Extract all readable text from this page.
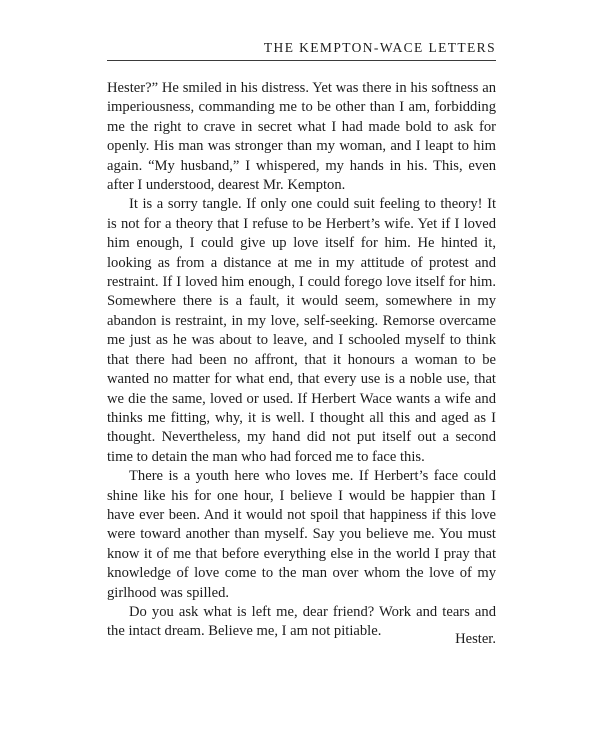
THE KEMPTON-WACE LETTERS

Hester?” He smiled in his distress. Yet was there in his softness an imperiousness, commanding me to be other than I am, forbidding me the right to crave in secret what I had made bold to ask for openly. His man was stronger than my woman, and I leapt to him again. “My husband,” I whispered, my hands in his. This, even after I understood, dearest Mr. Kempton.

It is a sorry tangle. If only one could suit feeling to theory! It is not for a theory that I refuse to be Herbert’s wife. Yet if I loved him enough, I could give up love itself for him. He hinted it, looking as from a distance at me in my attitude of protest and restraint. If I loved him enough, I could forego love itself for him. Somewhere there is a fault, it would seem, somewhere in my abandon is restraint, in my love, self-seeking. Remorse overcame me just as he was about to leave, and I schooled myself to think that there had been no affront, that it honours a woman to be wanted no matter for what end, that every use is a noble use, that we die the same, loved or used. If Herbert Wace wants a wife and thinks me fitting, why, it is well. I thought all this and aged as I thought. Nevertheless, my hand did not put itself out a second time to detain the man who had forced me to face this.

There is a youth here who loves me. If Herbert’s face could shine like his for one hour, I believe I would be happier than I have ever been. And it would not spoil that happiness if this love were toward another than myself. Say you believe me. You must know it of me that before everything else in the world I pray that knowledge of love come to the man over whom the love of my girlhood was spilled.

Do you ask what is left me, dear friend? Work and tears and the intact dream. Believe me, I am not pitiable.	Hester.
